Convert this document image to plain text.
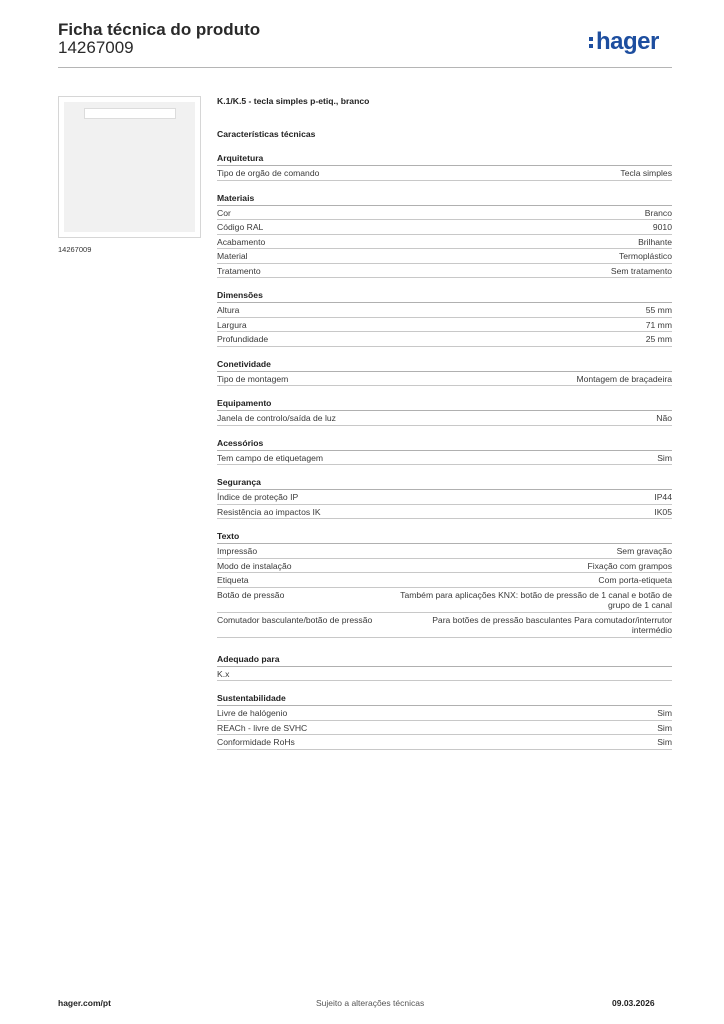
Ficha técnica do produto
14267009	hager
14267009
K.1/K.5 - tecla simples p-etiq., branco
Características técnicas
Arquitetura
Tipo de orgão de comando	Tecla simples
Materiais
Cor	Branco
Código RAL	9010
Acabamento	Brilhante
Material	Termoplástico
Tratamento	Sem tratamento
Dimensões
Altura	55 mm
Largura	71 mm
Profundidade	25 mm
Conetividade
Tipo de montagem	Montagem de braçadeira
Equipamento
Janela de controlo/saída de luz	Não
Acessórios
Tem campo de etiquetagem	Sim
Segurança
Índice de proteção IP	IP44
Resistência ao impactos IK	IK05
Texto
Impressão	Sem gravação
Modo de instalação	Fixação com grampos
Etiqueta	Com porta-etiqueta
Botão de pressão	Também para aplicações KNX: botão de pressão de 1 canal e botão de grupo de 1 canal
Comutador basculante/botão de pressão	Para botões de pressão basculantes Para comutador/interrutor intermédio
Adequado para
K.x
Sustentabilidade
Livre de halógenio	Sim
REACh - livre de SVHC	Sim
Conformidade RoHs	Sim
hager.com/pt	Sujeito a alterações técnicas	09.03.2026
